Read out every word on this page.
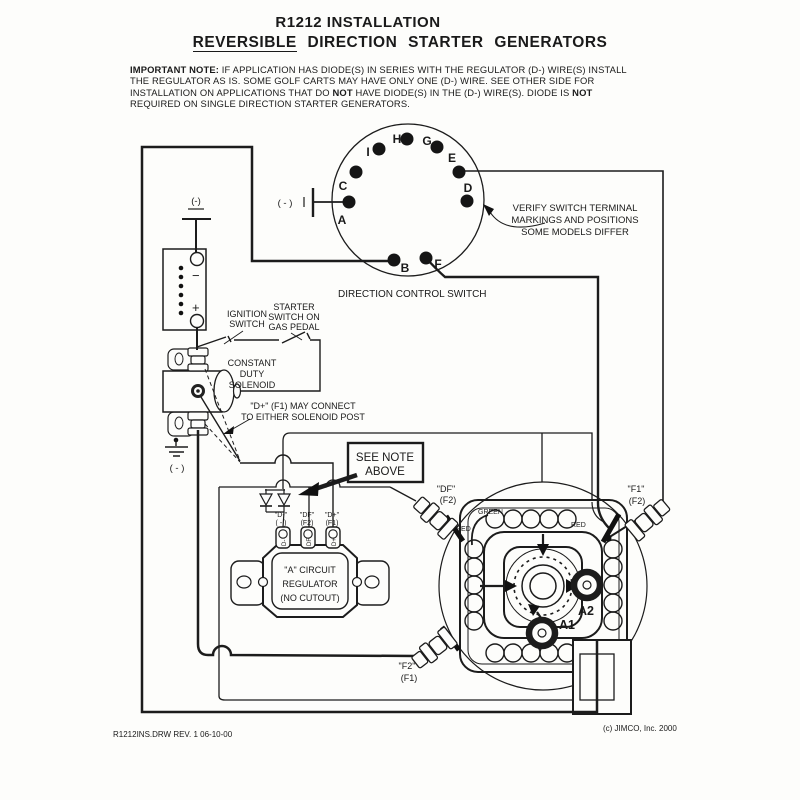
R1212 INSTALLATION
REVERSIBLE DIRECTION STARTER GENERATORS
IMPORTANT NOTE: IF APPLICATION HAS DIODE(S) IN SERIES WITH THE REGULATOR (D-) WIRE(S) INSTALL
THE REGULATOR AS IS. SOME GOLF CARTS MAY HAVE ONLY ONE (D-) WIRE. SEE OTHER SIDE FOR
INSTALLATION ON APPLICATIONS THAT DO NOT HAVE DIODE(S) IN THE (D-) WIRE(S). DIODE IS NOT
REQUIRED ON SINGLE DIRECTION STARTER GENERATORS.
−
+
(-)
A
B
C	D
E
F
G
H
I
DIRECTION CONTROL SWITCH
( - )	VERIFY SWITCH TERMINAL
MARKINGS AND POSITIONS
SOME MODELS DIFFER
IGNITION
SWITCH
STARTER
SWITCH ON
GAS PEDAL
CONSTANT
DUTY
SOLENOID
( - )
"D+" (F1) MAY CONNECT
TO EITHER SOLENOID POST
SEE NOTE
ABOVE
"A" CIRCUIT
REGULATOR
(NO CUTOUT)
D-	DF	D+
"D-"
( - )
"DF"
(F2)
"D+"
(F1)
"DF"
(F2)
"F1"
(F2)
"F2"
(F1)
GREEN
RED
RED
A2
A1
R1212INS.DRW REV. 1 06-10-00
(c) JIMCO, Inc. 2000
